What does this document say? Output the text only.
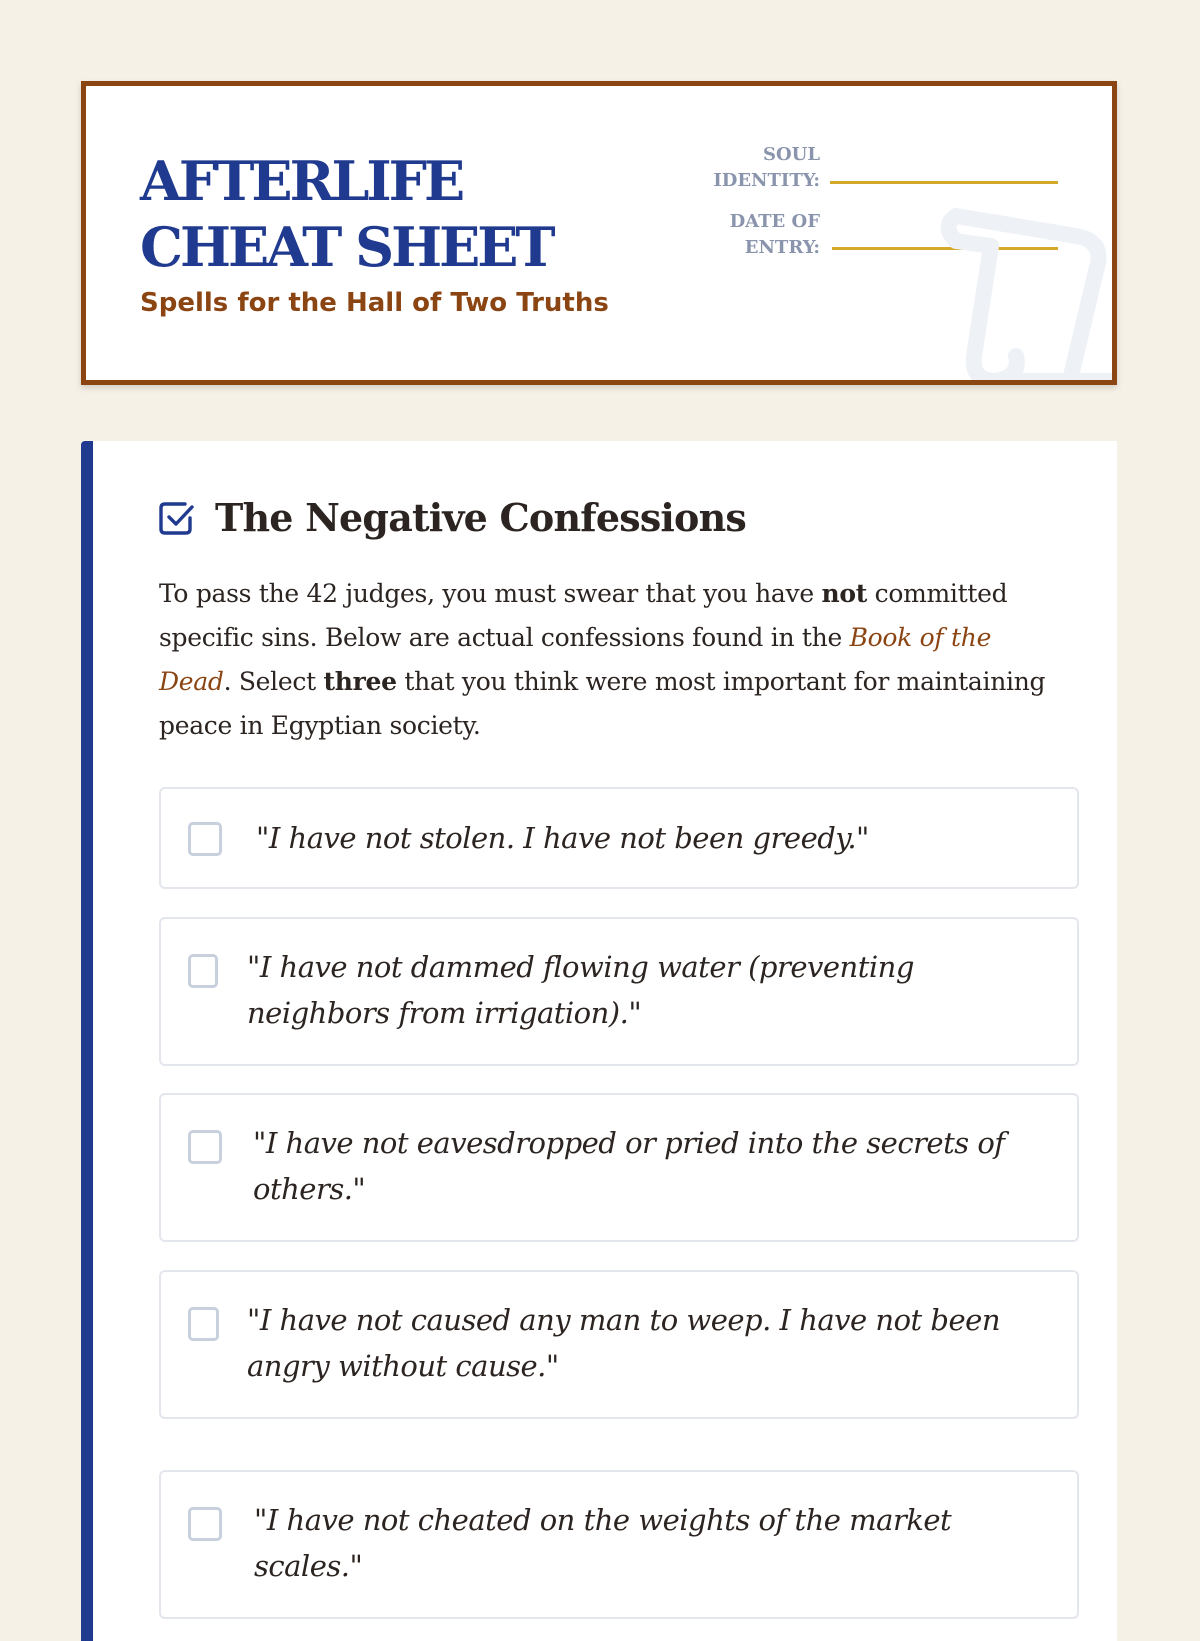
AFTERLIFE CHEAT SHEET
Spells for the Hall of Two Truths
SOUL IDENTITY:
DATE OF ENTRY:
The Negative Confessions

To pass the 42 judges, you must swear that you have not committed specific sins. Below are actual confessions found in the Book of the Dead. Select three that you think were most important for maintaining peace in Egyptian society.

"I have not stolen. I have not been greedy."
"I have not dammed flowing water (preventing neighbors from irrigation)."
"I have not eavesdropped or pried into the secrets of others."
"I have not cheated on the weights of the market scales."
"I have not caused any man to weep. I have not been angry without cause."
